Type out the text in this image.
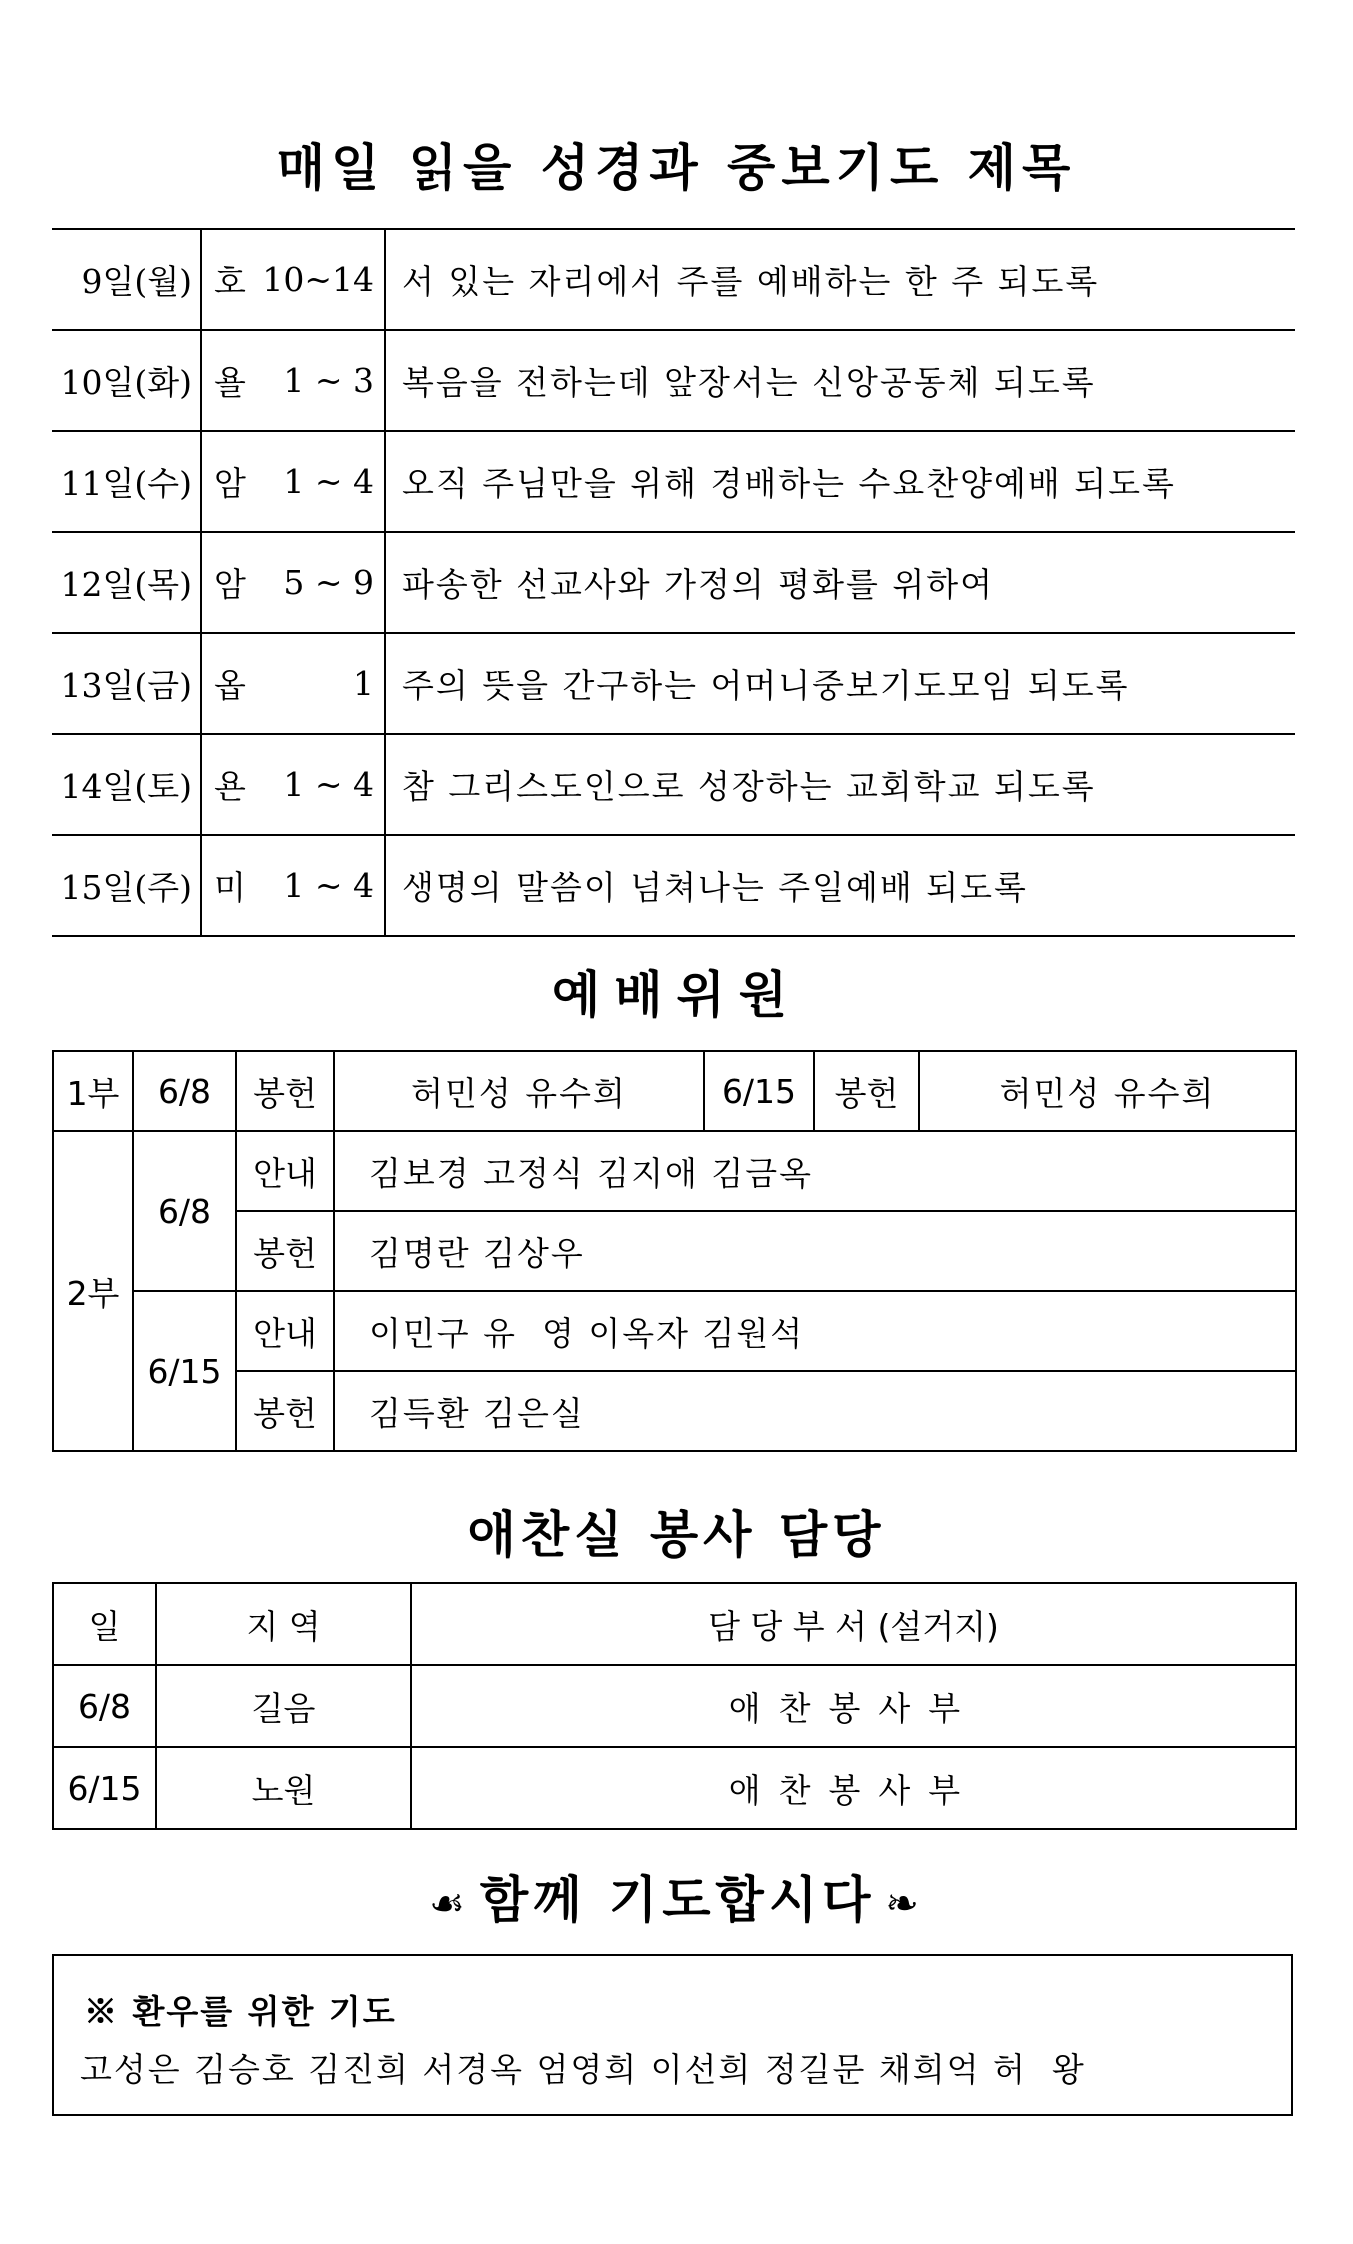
매일 읽을 성경과 중보기도 제목
9일(월)	호	10~14	서 있는 자리에서 주를 예배하는 한 주 되도록
10일(화)	욜	1 ~ 3	복음을 전하는데 앞장서는 신앙공동체 되도록
11일(수)	암	1 ~ 4	오직 주님만을 위해 경배하는 수요찬양예배 되도록
12일(목)	암	5 ~ 9	파송한 선교사와 가정의 평화를 위하여
13일(금)	옵	1	주의 뜻을 간구하는 어머니중보기도모임 되도록
14일(토)	욘	1 ~ 4	참 그리스도인으로 성장하는 교회학교 되도록
15일(주)	미	1 ~ 4	생명의 말씀이 넘쳐나는 주일예배 되도록
예배위원
1부	6/8	봉헌	허민성 유수희	6/15	봉헌	허민성 유수희
2부	6/8	안내	김보경 고정식 김지애 김금옥			
		봉헌	김명란 김상우			
	6/15	안내	이민구 유  영 이옥자 김원석			
		봉헌	김득환 김은실			
애찬실 봉사 담당
일	지 역	담 당 부 서 (설거지)
6/8	길음	애찬봉사부
6/15	노원	애찬봉사부
☙ 함께 기도합시다 ❧
※ 환우를 위한 기도
고성은 김승호 김진희 서경옥 엄영희 이선희 정길문 채희억 허  왕
